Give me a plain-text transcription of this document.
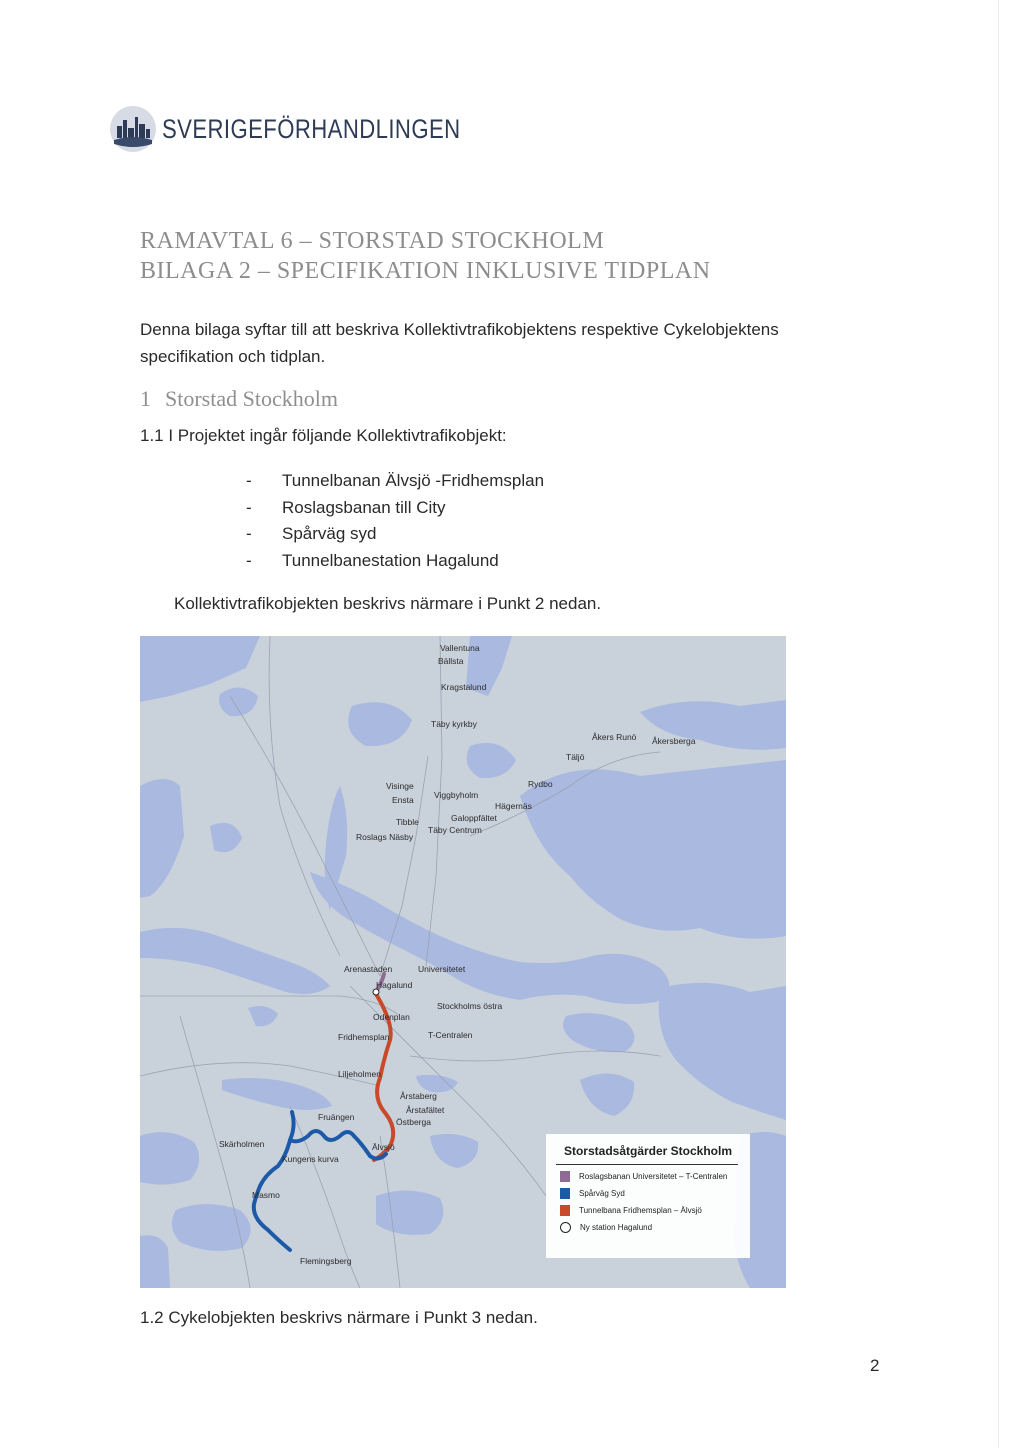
SVERIGEFÖRHANDLINGEN
RAMAVTAL 6 – STORSTAD STOCKHOLM
BILAGA 2 – SPECIFIKATION INKLUSIVE TIDPLAN
Denna bilaga syftar till att beskriva Kollektivtrafikobjektens respektive Cykelobjektens specifikation och tidplan.
1 Storstad Stockholm
1.1 I Projektet ingår följande Kollektivtrafikobjekt:
-	Tunnelbanan Älvsjö -Fridhemsplan
-	Roslagsbanan till City
-	Spårväg syd
-	Tunnelbanestation Hagalund
Kollektivtrafikobjekten beskrivs närmare i Punkt 2 nedan.
Vallentuna
Bällsta
Kragstalund
Täby kyrkby
Åkers Runö Åkersberga
Täljö
Visinge
Ensta Viggbyholm
Rydbo
Hägernäs
Tibble	Galoppfältet
Roslags Näsby
Täby Centrum
Arenastaden	Universitetet
Hagalund
Stockholms östra
Odenplan
Fridhemsplan	T-Centralen
Liljeholmen
Årstaberg
Årstafältet
Östberga
Fruängen
Skärholmen	Älvsjö
Kungens kurva
Masmo
Flemingsberg
Storstadsåtgärder Stockholm
Roslagsbanan Universitetet – T-Centralen
Spårväg Syd
Tunnelbana Fridhemsplan – Älvsjö
Ny station Hagalund
1.2 Cykelobjekten beskrivs närmare i Punkt 3 nedan.
2
